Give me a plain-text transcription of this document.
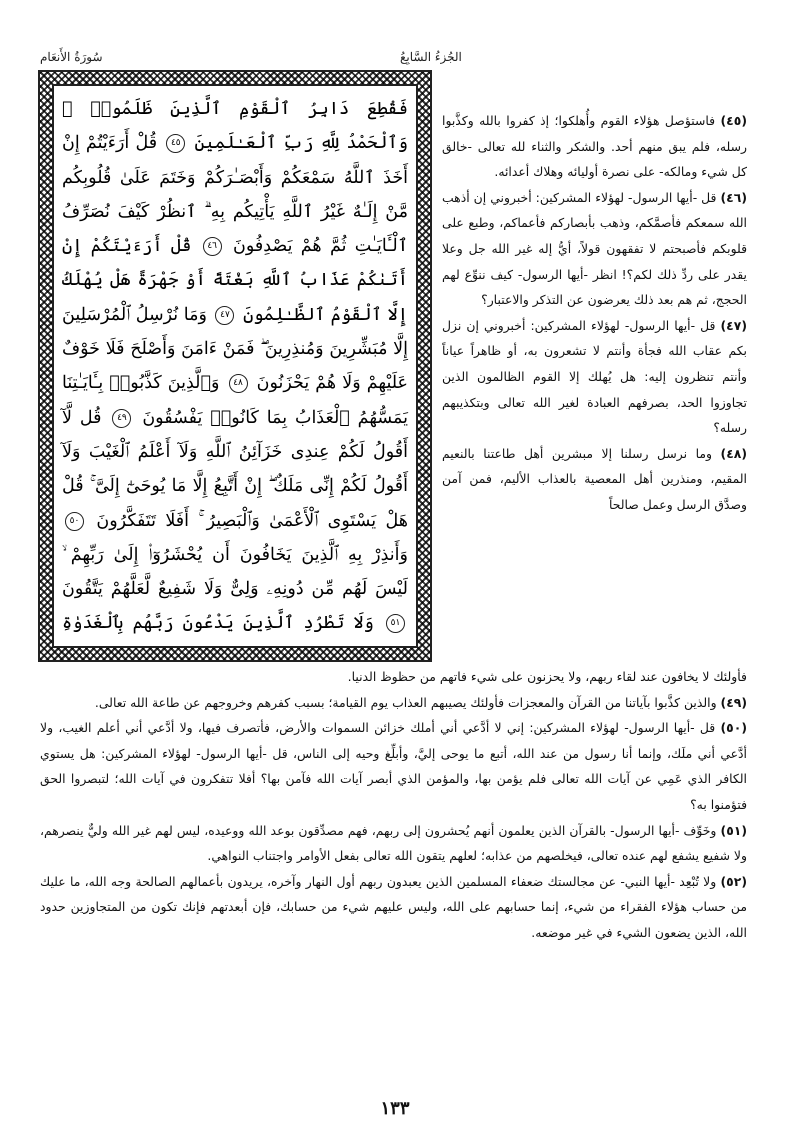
سُورَةُ الأَنعَام	الجُزءُ السَّابِعُ

فَقُطِعَ دَابِرُ ٱلْقَوْمِ ٱلَّذِينَ ظَلَمُوا۟ ۚ وَٱلْحَمْدُ لِلَّهِ رَبِّ ٱلْعَـٰلَمِينَ ٤٥ قُلْ أَرَءَيْتُمْ إِنْ أَخَذَ ٱللَّهُ سَمْعَكُمْ وَأَبْصَـٰرَكُمْ وَخَتَمَ عَلَىٰ قُلُوبِكُم مَّنْ إِلَـٰهٌ غَيْرُ ٱللَّهِ يَأْتِيكُم بِهِ ۗ ٱنظُرْ كَيْفَ نُصَرِّفُ ٱلْـَٔايَـٰتِ ثُمَّ هُمْ يَصْدِفُونَ ٤٦ قُلْ أَرَءَيْتَكُمْ إِنْ أَتَىٰكُمْ عَذَابُ ٱللَّهِ بَغْتَةً أَوْ جَهْرَةً هَلْ يُهْلَكُ إِلَّا ٱلْقَوْمُ ٱلظَّـٰلِمُونَ ٤٧ وَمَا نُرْسِلُ ٱلْمُرْسَلِينَ إِلَّا مُبَشِّرِينَ وَمُنذِرِينَ ۖ فَمَنْ ءَامَنَ وَأَصْلَحَ فَلَا خَوْفٌ عَلَيْهِمْ وَلَا هُمْ يَحْزَنُونَ ٤٨ وَٱلَّذِينَ كَذَّبُوا۟ بِـَٔايَـٰتِنَا يَمَسُّهُمُ ٱلْعَذَابُ بِمَا كَانُوا۟ يَفْسُقُونَ ٤٩ قُل لَّآ أَقُولُ لَكُمْ عِندِى خَزَآئِنُ ٱللَّهِ وَلَآ أَعْلَمُ ٱلْغَيْبَ وَلَآ أَقُولُ لَكُمْ إِنِّى مَلَكٌ ۖ إِنْ أَتَّبِعُ إِلَّا مَا يُوحَىٰٓ إِلَىَّ ۚ قُلْ هَلْ يَسْتَوِى ٱلْأَعْمَىٰ وَٱلْبَصِيرُ ۚ أَفَلَا تَتَفَكَّرُونَ ٥٠ وَأَنذِرْ بِهِ ٱلَّذِينَ يَخَافُونَ أَن يُحْشَرُوٓا۟ إِلَىٰ رَبِّهِمْ ۙ لَيْسَ لَهُم مِّن دُونِهِۦ وَلِىٌّ وَلَا شَفِيعٌ لَّعَلَّهُمْ يَتَّقُونَ ٥١ وَلَا تَطْرُدِ ٱلَّذِينَ يَدْعُونَ رَبَّهُم بِٱلْغَدَوٰةِ

(٤٥) فاستؤصل هؤلاء القوم وأُهلكوا؛ إذ كفروا بالله وكذَّبوا رسله، فلم يبق منهم أحد. والشكر والثناء لله تعالى -خالق كل شيء ومالكه- على نصرة أوليائه وهلاك أعدائه.

(٤٦) قل -أيها الرسول- لهؤلاء المشركين: أخبروني إن أذهب الله سمعكم فأصمَّكم، وذهب بأبصاركم فأعماكم، وطبع على قلوبكم فأصبحتم لا تفقهون قولاً، أيُّ إله غير الله جل وعلا يقدر على ردِّ ذلك لكم؟! انظر -أيها الرسول- كيف ننوِّع لهم الحجج، ثم هم بعد ذلك يعرضون عن التذكر والاعتبار؟

(٤٧) قل -أيها الرسول- لهؤلاء المشركين: أخبروني إن نزل بكم عقاب الله فجأة وأنتم لا تشعرون به، أو ظاهراً عياناً وأنتم تنظرون إليه: هل يُهلك إلا القوم الظالمون الذين تجاوزوا الحد، بصرفهم العبادة لغير الله تعالى وبتكذيبهم رسله؟

(٤٨) وما نرسل رسلنا إلا مبشرين أهل طاعتنا بالنعيم المقيم، ومنذرين أهل المعصية بالعذاب الأليم، فمن آمن وصدَّق الرسل وعمل صالحاً

فأولئك لا يخافون عند لقاء ربهم، ولا يحزنون على شيء فاتهم من حظوظ الدنيا.

(٤٩) والذين كذَّبوا بآياتنا من القرآن والمعجزات فأولئك يصيبهم العذاب يوم القيامة؛ بسبب كفرهم وخروجهم عن طاعة الله تعالى.

(٥٠) قل -أيها الرسول- لهؤلاء المشركين: إني لا أدَّعي أني أملك خزائن السموات والأرض، فأتصرف فيها، ولا أدَّعي أني أعلم الغيب، ولا أدَّعي أني ملَك، وإنما أنا رسول من عند الله، أتبع ما يوحى إليَّ، وأبلِّغ وحيه إلى الناس، قل -أيها الرسول- لهؤلاء المشركين: هل يستوي الكافر الذي عَمِي عن آيات الله تعالى فلم يؤمن بها، والمؤمن الذي أبصر آيات الله فآمن بها؟ أفلا تتفكرون في آيات الله؛ لتبصروا الحق فتؤمنوا به؟

(٥١) وخَوِّف -أيها الرسول- بالقرآن الذين يعلمون أنهم يُحشرون إلى ربهم، فهم مصدِّقون بوعد الله ووعيده، ليس لهم غير الله وليٌّ ينصرهم، ولا شفيع يشفع لهم عنده تعالى، فيخلصهم من عذابه؛ لعلهم يتقون الله تعالى بفعل الأوامر واجتناب النواهي.

(٥٢) ولا تُبْعِد -أيها النبي- عن مجالستك ضعفاء المسلمين الذين يعبدون ربهم أول النهار وآخره، يريدون بأعمالهم الصالحة وجه الله، ما عليك من حساب هؤلاء الفقراء من شيء، إنما حسابهم على الله، وليس عليهم شيء من حسابك، فإن أبعدتهم فإنك تكون من المتجاوزين حدود الله، الذين يضعون الشيء في غير موضعه.

١٣٣
